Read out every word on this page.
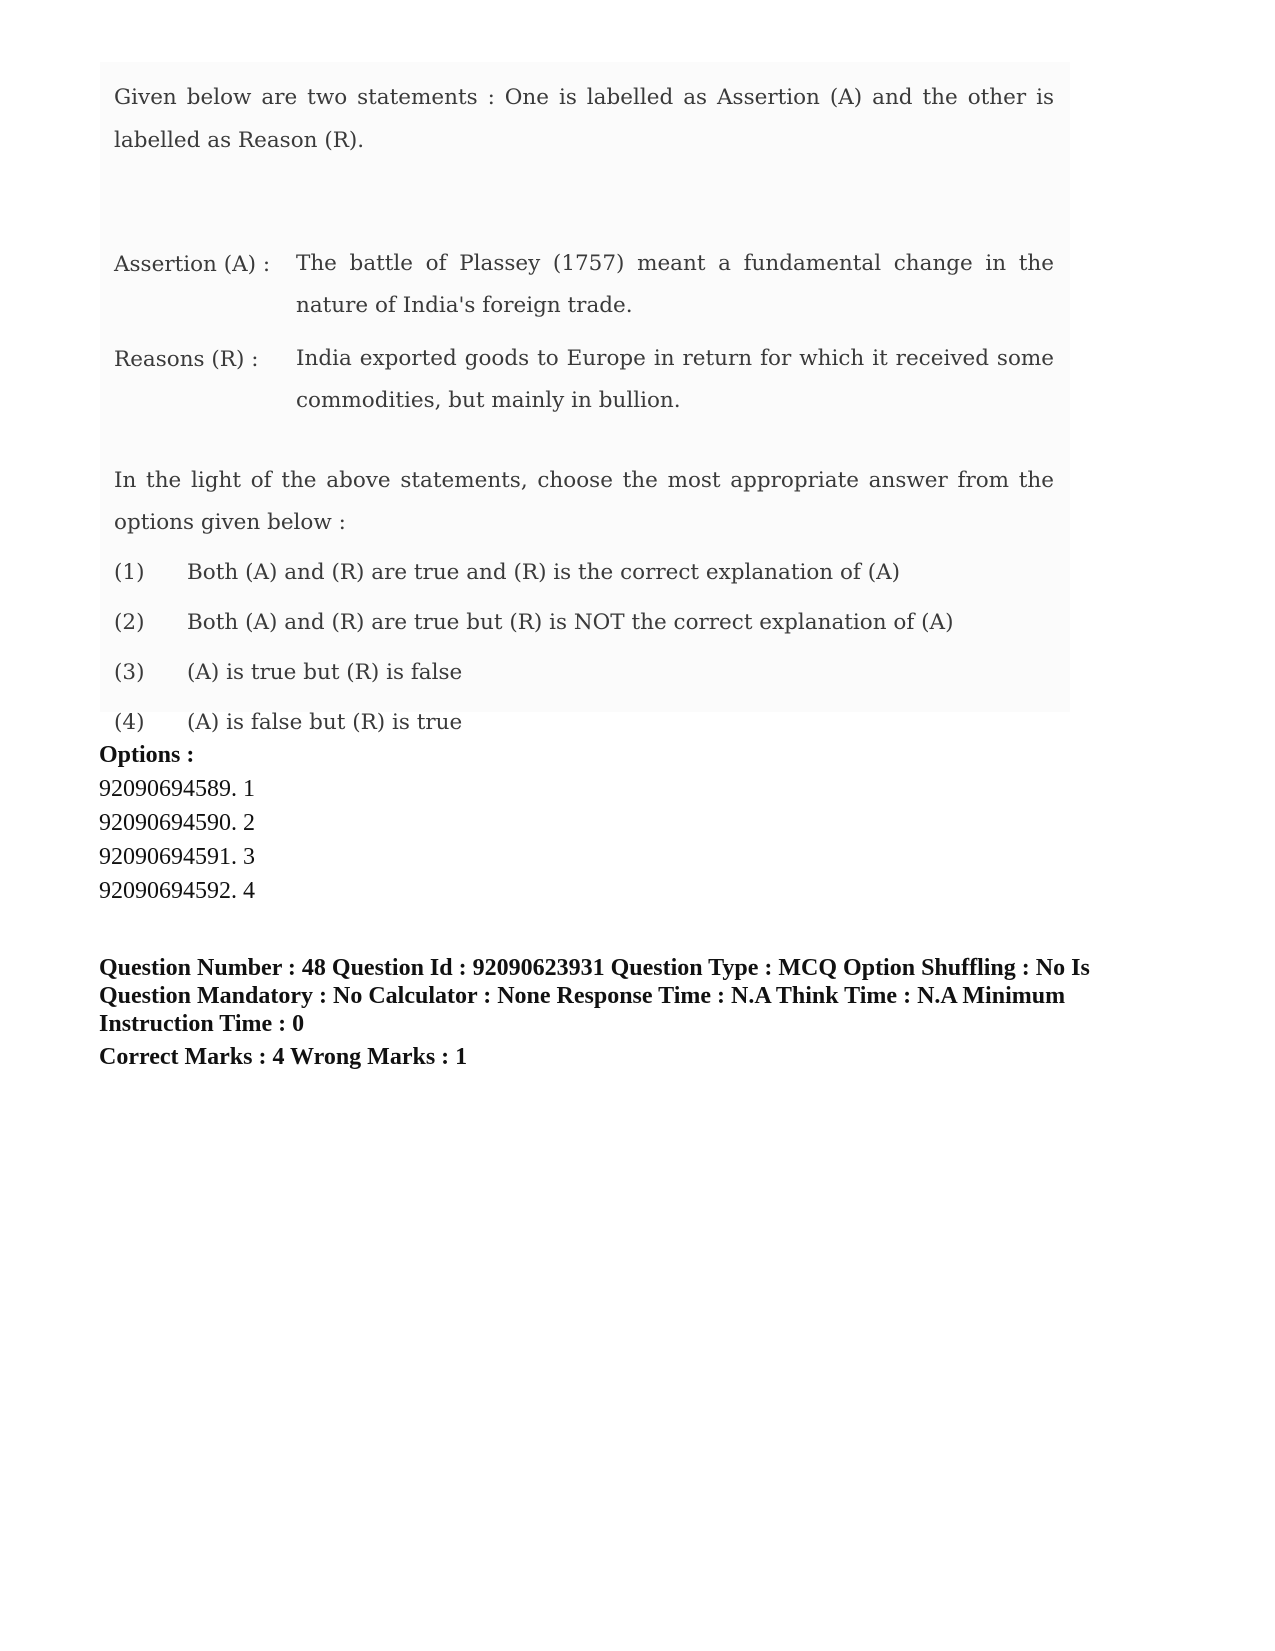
Given below are two statements : One is labelled as Assertion (A) and the other is labelled as Reason (R).
Assertion (A) : The battle of Plassey (1757) meant a fundamental change in the nature of India's foreign trade.
Reasons (R) : India exported goods to Europe in return for which it received some commodities, but mainly in bullion.
In the light of the above statements, choose the most appropriate answer from the options given below :
(1) Both (A) and (R) are true and (R) is the correct explanation of (A)
(2) Both (A) and (R) are true but (R) is NOT the correct explanation of (A)
(3) (A) is true but (R) is false
(4) (A) is false but (R) is true
Options :
92090694589. 1
92090694590. 2
92090694591. 3
92090694592. 4
Question Number : 48 Question Id : 92090623931 Question Type : MCQ Option Shuffling : No Is Question Mandatory : No Calculator : None Response Time : N.A Think Time : N.A Minimum Instruction Time : 0
Correct Marks : 4 Wrong Marks : 1
